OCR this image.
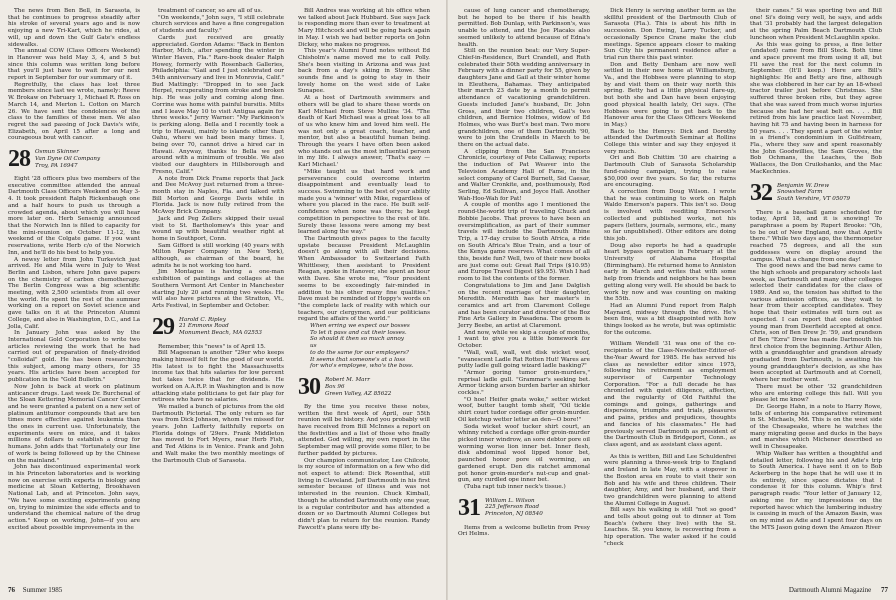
The news from Ben Bell, in Sarasota, is that he continues to progress steadily after his stroke of several years ago and is now enjoying a new Tri-Kart, which he rides, at will, up and down the Gulf Gate's endless sidewalks.

The annual COW (Class Officers Weekend) in Hanover was held May 3, 4, and 5 but since this column was written long before that you'll just have to wait for our next report in September for our summary of it.

Regretfully, the class has lost three members since last we wrote, namely: Reeve W. Brokaw on February 1, Michael R. Ross on March 14, and Merton L. Cotton on March 26. We have sent the condolences of the class to the families of these men. We also regret the sad passing of Jock Davis's wife, Elizabeth, on April 15 after a long and courageous bout with cancer.

28 Osmun Skinner
Van Dyne Oil Company
Troy, PA 16947

Eight '28 officers plus two members of the executive committee attended the annual Dartmouth Class Officers Weekend on May 3-4. It took president Ralph Rickenbaugh one and a half hours to push us through a crowded agenda, about which you will hear more later on. Herb Sensenig announced that the Norwich Inn is filled to capacity for the mini-reunion on October 11-12, the weekend of the Colgate game. If you want reservations, write Herb c/o of the Norwich Inn, and he'll do his best to help you.

A newsy letter from John Turkevich just arrived. He and Mila were in July to West Berlin and Lisbon, where John gave papers on the chemistry of carbon chemotherapy. The Berlin Congress was a big scientific meeting, with 2,500 scientists from all over the world. He spent the rest of the summer working on a report on Soviet science and gave talks on it at the Princeton Alumni College, and also in Washington, D.C., and La Jolla, Calif.

In January John was asked by the International Gold Corporation to write two articles reviewing the work that he had carried out of preparation of finely-divided "colloidal" gold. He has been researching this subject, among many others, for 35 years. His articles have been accepted for publication in the "Gold Bulletin."

Now John is back at work on platinum anticancer drugs. Last week Dr. Burchenal of the Sloan Kettering Memorial Cancer Center and he were granted a patent on a new set of platinum antitumor compounds that are ten times more effective against leukemia than the ones in current use. Unfortunately, the experiments were on mice, and it takes millions of dollars to establish a drug for humans. John adds that "fortunately our line of work is being followed up by the Chinese on the mainland."

John has discontinued experimental work in his Princeton laboratories and is working now on exercise with experts in biology and medicine at Sloan Kettering, Brookhaven National Lab, and at Princeton. John says, "We have some exciting experiments going on, trying to minimize the side effects and to understand the chemical nature of the drug action." Keep on working, John—if you are excited about possible improvements in the

treatment of cancer, so are all of us.

"On weekends," John says, "I still celebrate church services and have a fine congregation of students and faculty."

Cards just received are greatly appreciated. Gordon Adams: "Back in Benton Harbor, Mich., after spending the winter in Winter Haven, Fla." Rare-book dealer Ralph Howey, formerly with Rosenbach Galleries, Philadelphia: "Gail and I just celebrated our 54th anniversary and live in Monrovia, Calif." Bud Mattingly: "Dropped in to see Jack Herpel, recuperating from stroke and broken hip. He was jolly and coming along fine. Corrine was home with painful bursitis. Milts and I leave May 10 to visit Antigua again for three weeks." Jerry Warner: "My Parkinson's is perking along. Bella and I recently took a trip to Hawaii, mainly to islands other than Oahu, where we had been many times. I, being over 70, cannot drive a hired car in Hawaii. Anyway, thanks to Bella we got around with a minimum of trouble. We also visited our daughters in Hillsborough and Fresno, Calif."

A note from Dick Frame reports that Jack and Dee McAvoy just returned from a three-month stay in Naples, Fla. and talked with Bill Morton and George Davis while in Florida. Jack is now fully retired from the McAvoy Brick Company.

Jack and Peg Zellers skipped their usual visit to St. Bartholomew's this year and wound up with beautiful weather right at home in Southport, Conn.

Sam Gifford is still working (40 years with Milton Paper Company in New York), although, as chairman of the board, he admits he is not working too hard.

Jim Montague is having a one-man exhibition of paintings and collages at the Southern Vermont Art Center in Manchester starting July 20 and running two weeks. He will also have pictures at the Stratton, Vt., Arts Festival, in September and October.

29 Harold C. Ripley
21 Emmons Road
Monument Beach, MA 02553

Remember, this "news" is of April 15.

Bill Mageenan is another "29er who keeps making himself felt for the good of our world. His latest is to fight the Massachusetts income tax that hits salaries for low percent but takes twice that for dividends. He worked on A.A.R.P. in Washington and is now attacking state politicians to get fair play for retirees who have no salaries.

We mailed a bunch of pictures from the old Dartmouth Pictorial. The only return so far was from Dick Johnson, whom I've missed for years. John Lafferty faithfully reports on Florida doings of '29ers. Frank Middleton has moved to Fort Myers, near Herb Fish, and Ted Atkins is in Venice. Frank and John and Walt make the two monthly meetings of the Dartmouth Club of Sarasota.

Bill Andres was working at his office when we talked about Jack Hubbard. Sue says Jack is responding more than ever to treatment at Mary Hitchcock and will be going back again in May. I wish we had better reports on John Dickey, who makes no progress.

This year's Alumni Fund notes without Ed Chisholm's name moved me to call Polly. She's been visiting in Arizona and was just back from a day's skiing in Stowe. She sounds fine and is going to stay in their lovely home on the west side of Lake Sunapee.

At a host of Dartmouth swimmers and others will be glad to share these words on Karl Michael from Steve Mullins '34. "The death of Karl Michael was a great loss to all of us who knew him and loved him well. He was not only a great coach, teacher, and mentor, but also a beautiful human being. Through the years I have often been asked who stands out as the most influential person in my life. I always answer, 'That's easy — Karl Michael.'

"Mike taught us that hard work and perseverance could overcome interim disappointment and eventually lead to success. Swimming to the best of your ability made you a 'winner' with Mike, regardless of where you placed in the race. He built self-confidence when none was there; he kept competition in perspective to the rest of life. Surely these lessons were among my best learned along the way."

The Dartmouth gives pages to the faculty upstate because President McLaughlin doesn't go along with all their decisions. When Ambassador to Switzerland Faith Whittlesey, then assistant to President Reagan, spoke in Hanover, she spent an hour with Dave. She wrote me, "Your president seems to be exceedingly fair-minded in addition to his other many fine qualities." Dave must be reminded of Hoppy's words on "the complete lack of reality with which our teachers, our clergymen, and our politicians regard the affairs of the world."

When erring we expect our bosses

To let it pass and cut their losses.

So should it then so much annoy

us

to do the same for our employers?

It seems that someone's at a loss

for who's employee, who's the boss.

30 Robert M. Marr
Box 96
Green Valley, AZ 85622

By the time you receive these notes, written the first week of April, our 55th reunion will be history. And you probably will have received from Bill McInnes a report on the festivities and a list of those who finally attended. God willing, my own report in the September mag will provide some filler, to be further padded by pictures.

Our champion communicator, Lee Chilcote, is my source of information on a few who did not expect to attend: Dick Rosenthal, still living in Cleveland. Jeff Dartmouth in his first semester because of illness and was not interested in the reunion. Chuck Kimball, though he attended Dartmouth only one year, is a regular contributor and has attended a dozen or so Dartmouth Alumni Colleges but didn't plan to return for the reunion. Randy Fawcett's plans were iffy be-

76 Summer 1985

cause of lung cancer and chemotherapy, but he hoped to be there if his health permitted. Bob Dunlap, with Parkinson's, was unable to attend, and the Joe Placaks also seemed unlikely to attend because of Edna's health.

Still on the reunion beat: our Very Super-Chief-in-Residence, Burt Crandell, and Ruth celebrated their 50th wedding anniversary in February with a dinner party for 55, given by daughters Jane and Gail at their winter home in Eleuthera, Bahamas. They anticipated their march 23 date by a month to permit attendance of vacationing grandchildren. Guests included Jane's husband, Dr. John Gross, and their two children, Gail's two children, and Bernice Holmes, widow of Ed Holmes, who was Burt's best man. Two more grandchildren, one of them Dartmouth '90, were to join the Crandells in March to be there on the actual date.

A clipping from the San Francisco Chronicle, courtesy of Pete Callaway, reports the induction of Pat Weaver into the Television Academy Hall of Fame, in the select company of Carol Burnett, Sid Caesar, and Walter Cronkite, and, posthumously, Rod Serling, Ed Sullivan, and Joyce Hall. Another Wah-Hoo-Wah for Pat!

A couple of months ago I mentioned the round-the-world trip of traveling Chuck and Bobbie Jacobs. That proves to have been an oversimplification, as part of their summer travels will include the Dartmouth Rhine Trip, a 17-day cruise to South Africa, a ride on South Africa's Blue Train, and a tour of the Kenya game reserves. What comes of all this, beside fun? Well, two of their new books are just come out: Great Rail Trips ($10.95) and Europe Travel Digest ($9.95). Wish I had room to list the contents of the former.

Congratulations to Jim and Jane Dalglish on the recent marriage of their daughter, Meredith. Meredith has her master's in ceramics and art from Claremont College and has been curator and director of the Boz Fine Arts Gallery in Pasadena. The groom is Jerry Beebe, an artist at Claremont.

And now, while we skip a couple of months, I want to give you a little homework for October.

"Wall, wall, wall, wet disk wicket woof, "evanescent Ladle Rat Rotten Hut! Wares are putty ladle gull going wizard ladle basking?"

"Armor goring tumor groin-murders," reprisal ladle gull. "Grammar's seeking bet. Armor ticking arson burden barter an shirker cockles."

"O hoe! Heifer gnats woke," setter wicket woof, butter taught tomb shelf, "Oil tickle shirt court tudor cordage offer groin-murder. Oil ketchup wetter letter an den—O bore!"

Soda wicket woof tucker shirt court, an whinny retched a cordage offer groin-murder picked inner windrow, an sore debtor pore oil worming worse lion inner bet. Inner flesh, disk abdominal wool lipped honor bet, paunched honor pore oil worming, an gardened erupt. Den dis ratchet ammonal pot honor groin-murder's nut-cup and gnat-gun, any curdled ope inner bet.

(Tuba rapt tub inner neck's tissue.)

31 William L. Wilson
225 Jefferson Road
Princeton, NJ 08540

Items from a welcome bulletin from Presy Ori Helms.

Dick Henry is serving another term as the skillful president of the Dartmouth Club of Sarasota (Fla.). This is about his fifth in succession. Don Ewing, Larry Tucker, and occasionally Spence Crane make the club meetings. Spence appears closer to making Sun City his permanent residence after a trial run there this past winter.

Don and Betty Denham are now well settled in their new home at Williamsburg, Va., and the Hobbses were planning to stop by and visit them on their way north this spring. Betty had a little physical flare-up, but both she and Dan have been enjoying good physical health lately, Ori says. (The Hobbses were going to get back to the Hanover area for the Class Officers Weekend in May.)

Back to the Henrys: Dick and Dorothy attended the Dartmouth Seminar at Rollins College this winter and say they enjoyed it very much.

Ori and Bob Chittim '30 are chairing a Dartmouth Club of Sarasota Scholarship fund-raising campaign, trying to raise $50,000 over five years. So far, the returns are encouraging.

A correction from Doug Wilson. I wrote that he was continuing to work on Ralph Waldo Emerson's papers. This isn't so. Doug is involved with reediting Emerson's collected and published works, not his papers (letters, journals, sermons, etc., many so far unpublished). Other editors are doing this job.

Doug also reports he had a quadruple heart bypass operation in February at the University of Alabama Hospital (Birmingham). He returned home to Anniston early in March and writes that with some help from friends and neighbors he has been getting along very well. He should be back to work by now and was counting on making the 55th.

Had an Alumni Fund report from Ralph Maynard, midway through the drive. He's been fine, was a bit disappointed with how things looked as he wrote, but was optimistic for the outcome.

William Wendell '31 was one of the co-recipients of the Class-Newsletter-Editor-of-the-Year Award for 1985. He has served his class as newsletter editor since 1975, following his retirement as employment supervisor of Carpenter Technology Corporation. "For a full decade he has chronicled with quiet diligence, affection, and the regularity of Old Faithful the comings and goings, gatherings and dispersions, triumphs and trials, pleasures and pains, prides and prejudices, thoughts and fancies of his classmates." He had previously served Dartmouth as president of the Dartmouth Club in Bridgeport, Conn., as class agent, and as assistant class agent.

As this is written, Bill and Lee Schuldenfrei were planning a three-week trip to England and Ireland in late May, with a stopover in the Boston area en route to visit their son Bob and his wife and three children. Their daughter, Amy, and her husband, and their two grandchildren were planning to attend the Alumni College in August.

Bill says his walking is still "not so good" and tells about going out to dinner at Tom Beach's (where they live) with the St. Leaches. St. you know, is recovering from a hip operation. The water asked if he could "check

their canes." Si was sporting two and Bill one! Si's doing very well, he says, and adds that '31 probably had the largest delegation at the spring Palm Beach Dartmouth Club luncheon when President McLaughlin spoke.

As this was going to press, a fine letter (undated) came from Bill Steck. Both time and space prevent me from using it all, but I'll save the rest for the next column in September. (It'll keep.) Here are Bill's highlights: He and Betty are fine, although she was clobbered in her car by an 18-wheel tractor trailer just before Christmas. She suffered three broken ribs, but they agree that she was saved from much worse injuries because she had her seat belt on. . . . Bill retired from his law practice last November, having hit 75 and having been in harness for 50 years. . . . They spent a part of the winter in a friend's condominium in Gulfstream, Fla., where they saw and spent reasonably the John Goodwillies, the Sam Groves, the Bob Ochmans, the Leaches, the Bob Wallaces, the Don Cruikshanks, and the Mac MacKechnies.

32 Benjamin W. Drew
Snowshed Farm
South Vershire, VT 05079

There is a baseball game scheduled for today, April 18, and it is snowing! To paraphrase a poem by Rupert Brooke: "Oh, to be out of New England, now that April's there." While two days ago, the thermometer reached 75 degrees, and all the sun goddesses were on display around the campus. What a change from one day!

The good news and the bad news came to the high schools and preparatory schools last week, as Dartmouth and many other colleges selected their candidates for the class of 1989. And so, the tension has shifted to the various admission offices, as they wait to hear from their accepted candidates. They hope that their estimates will turn out as expected. I can report that one delighted young man from Deerfield accepted at once. Chris, son of Ben Drew Jr. '59, and grandson of Ben "Ezra" Drew has made Dartmouth his first choice from the beginning. Arthur Allen, with a granddaughter and grandson already graduated from Dartmouth, is awaiting his young granddaughter's decision, as she has been accepted at Dartmouth and at Cornell, where her mother went.

There must be other '32 grandchildren who are entering college this fall. Will you please let me know?

Dr. George Hahn, in a note to Harry Rowe, tells of entering his comparative retirement in St. Michaels, Md. This is on the west side of the Chesapeake, where he watches the many migrating geese and ducks in the bays and marshes which Michener described so well in Chesapeake.

Whip Walker has written a thoughtful and detailed letter, following his and Adie's trip to South America. I have sent it on to Bob Ackerberg in the hope that he will use it in its entirety, since space dictates that I condense it for this column. Whip's first paragraph reads: "Your letter of January 12, asking me for my impressions on the reported havoc which the lumbering industry is causing in much of the Amazon Basin, was on my mind as Adie and I spent four days on the MTS Jason going down the Amazon River

Dartmouth Alumni Magazine 77
